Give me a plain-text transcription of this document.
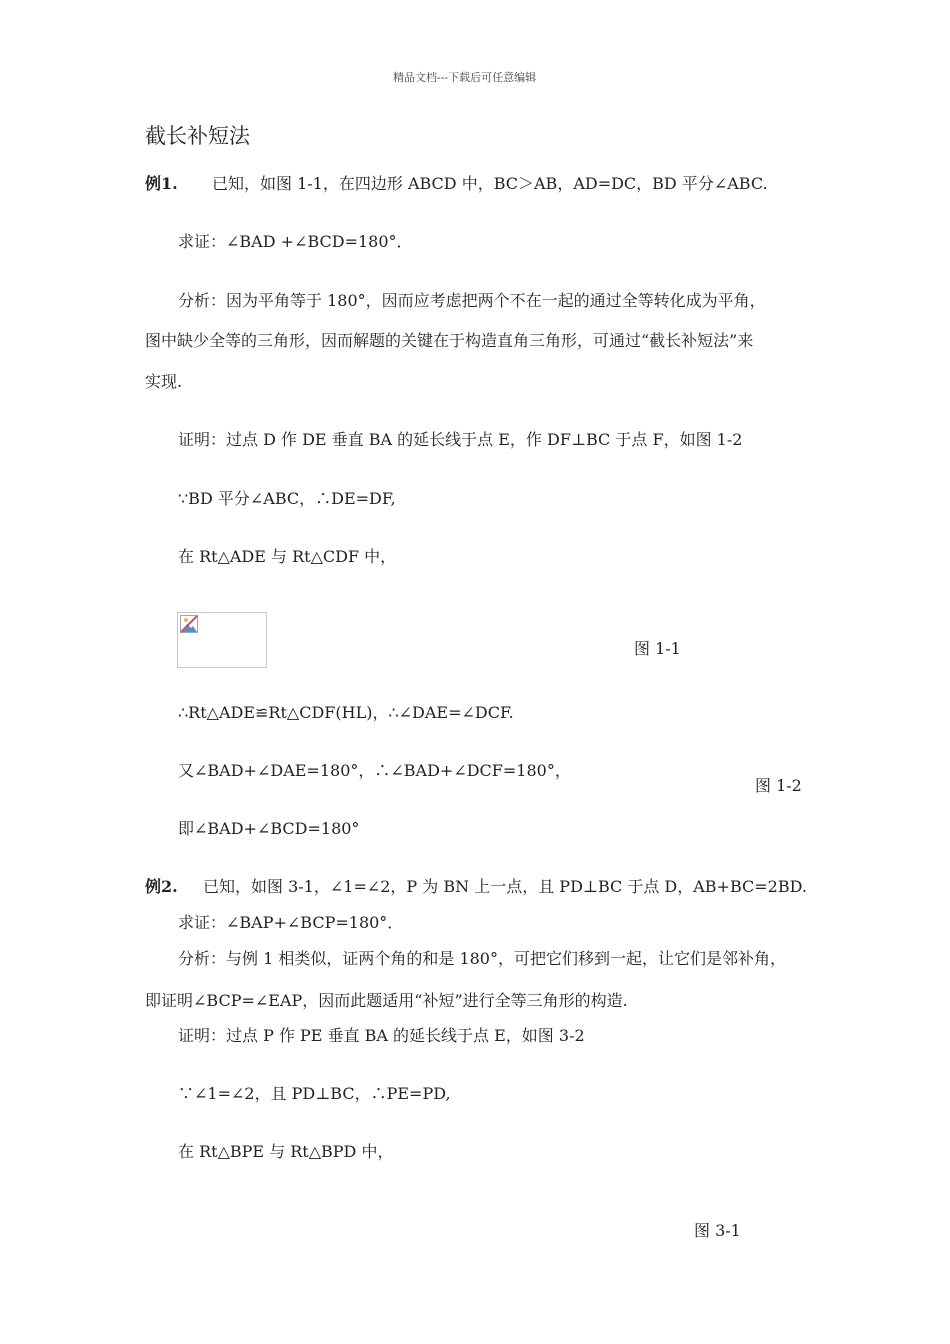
精品文档---下载后可任意编辑
截长补短法
例1. 已知，如图 1-1，在四边形 ABCD 中，BC＞AB，AD=DC，BD 平分∠ABC.
求证：∠BAD +∠BCD=180°．
分析：因为平角等于 180°，因而应考虑把两个不在一起的通过全等转化成为平角，
图中缺少全等的三角形，因而解题的关键在于构造直角三角形，可通过“截长补短法”来
实现.
证明：过点 D 作 DE 垂直 BA 的延长线于点 E，作 DF⊥BC 于点 F，如图 1-2
∵BD 平分∠ABC，∴DE=DF,
在 Rt△ADE 与 Rt△CDF 中，
图 1-1
∴Rt△ADE≌Rt△CDF(HL)，∴∠DAE=∠DCF.
又∠BAD+∠DAE=180°，∴∠BAD+∠DCF=180°，
图 1-2
即∠BAD+∠BCD=180°
例2. 已知，如图 3-1，∠1=∠2，P 为 BN 上一点，且 PD⊥BC 于点 D，AB+BC=2BD.
求证：∠BAP+∠BCP=180°．
分析：与例 1 相类似，证两个角的和是 180°，可把它们移到一起，让它们是邻补角，
即证明∠BCP=∠EAP，因而此题适用“补短”进行全等三角形的构造.
证明：过点 P 作 PE 垂直 BA 的延长线于点 E，如图 3-2
∵∠1=∠2，且 PD⊥BC，∴PE=PD,
在 Rt△BPE 与 Rt△BPD 中，
图 3-1
